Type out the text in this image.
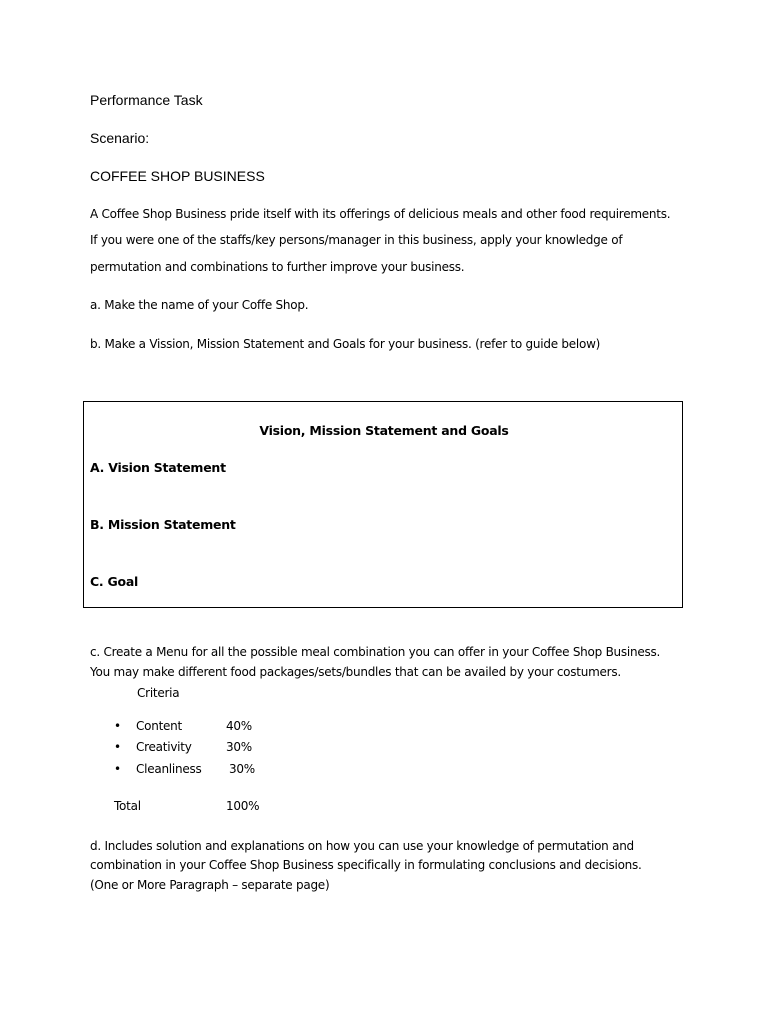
Performance Task
Scenario:
COFFEE SHOP BUSINESS
A Coffee Shop Business pride itself with its offerings of delicious meals and other food requirements.
If you were one of the staffs/key persons/manager in this business, apply your knowledge of
permutation and combinations to further improve your business.
a. Make the name of your Coffe Shop.
b. Make a Vission, Mission Statement and Goals for your business. (refer to guide below)
Vision, Mission Statement and Goals
A. Vision Statement
B. Mission Statement
C. Goal
c. Create a Menu for all the possible meal combination you can offer in your Coffee Shop Business.
You may make different food packages/sets/bundles that can be availed by your costumers.
Criteria
• Content	40%
• Creativity	30%
• Cleanliness 30%
Total	100%
d. Includes solution and explanations on how you can use your knowledge of permutation and
combination in your Coffee Shop Business specifically in formulating conclusions and decisions.
(One or More Paragraph – separate page)
